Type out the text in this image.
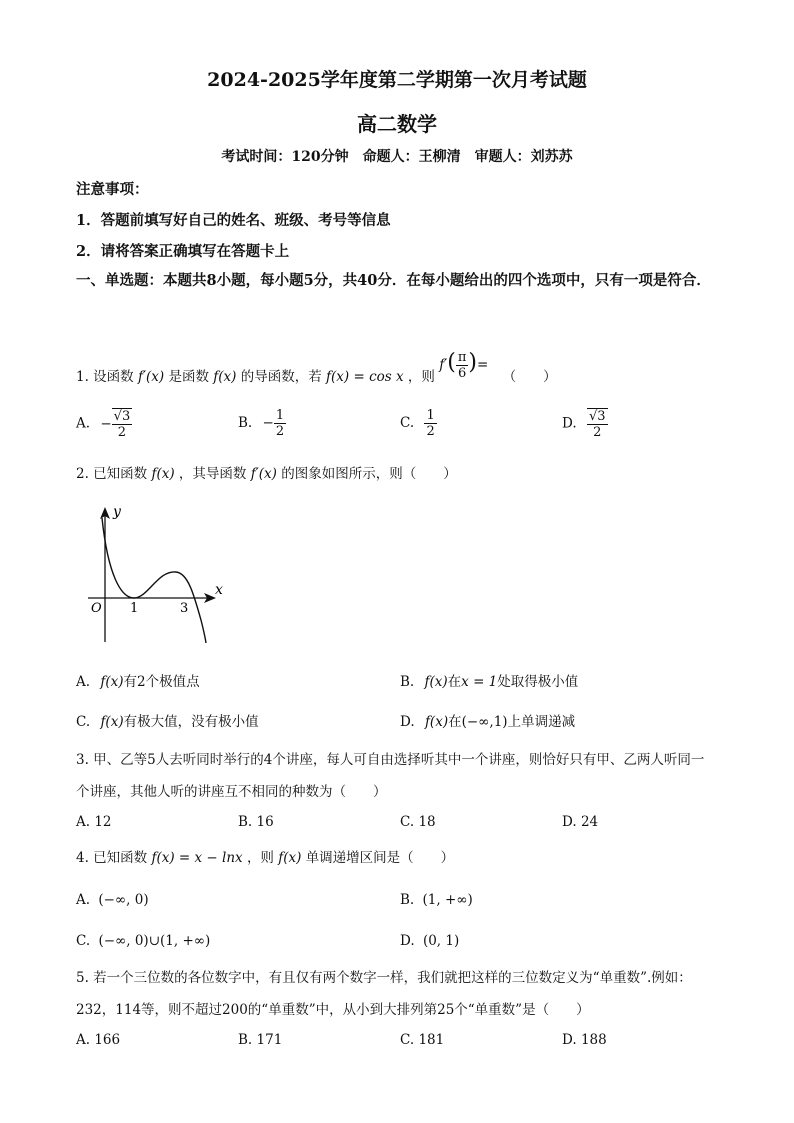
2024-2025学年度第二学期第一次月考试题
高二数学
考试时间：120分钟　命题人：王柳清　审题人：刘苏苏
注意事项：
1．答题前填写好自己的姓名、班级、考号等信息
2．请将答案正确填写在答题卡上
一、单选题：本题共8小题，每小题5分，共40分．在每小题给出的四个选项中，只有一项是符合．
1. 设函数 f′(x) 是函数 f(x) 的导函数，若 f(x) = cos x ，则 $f'( \frac{\pi}{6}$ )= （　　）
A. − $\frac{√3}{2}$	B. − $\frac{1}{2}$	C. $\frac{1}{2}$	D. $\frac{√3}{2}$
2. 已知函数 f(x) ，其导函数 f′(x) 的图象如图所示，则（　　）
y
x
O 1	3
A. f(x)有2个极值点	B. f(x)在x = 1处取得极小值
C. f(x)有极大值，没有极小值	D. f(x)在(−∞,1)上单调递减
3. 甲、乙等5人去听同时举行的4个讲座，每人可自由选择听其中一个讲座，则恰好只有甲、乙两人听同一个讲座，其他人听的讲座互不相同的种数为（　　）
A. 12	B. 16	C. 18	D. 24
4. 已知函数 f(x) = x − lnx ，则 f(x) 单调递增区间是（　　）
A. (−∞, 0)	B. (1, +∞)
C. (−∞, 0)∪(1, +∞)	D. (0, 1)
5. 若一个三位数的各位数字中，有且仅有两个数字一样，我们就把这样的三位数定义为“单重数”.例如：232，114等，则不超过200的“单重数”中，从小到大排列第25个“单重数”是（　　）
A. 166	B. 171	C. 181	D. 188
